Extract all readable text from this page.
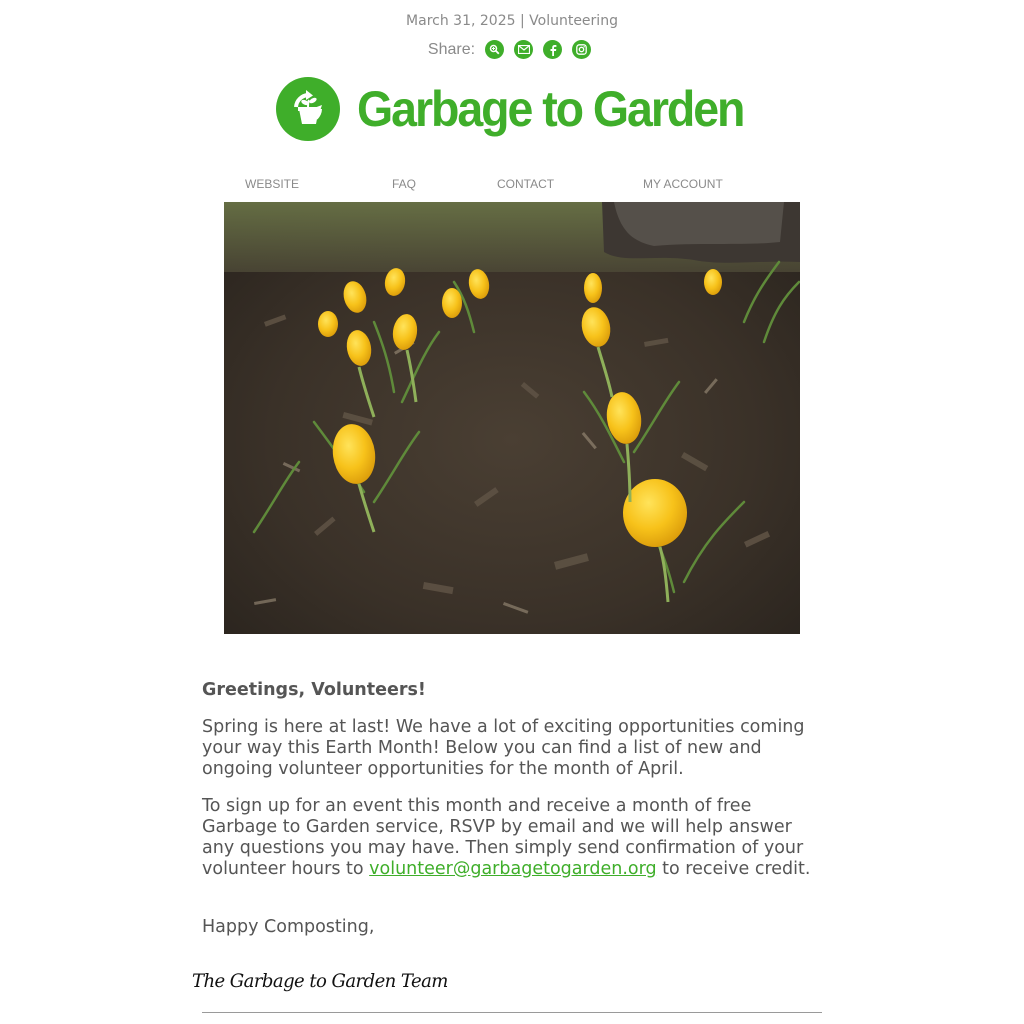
March 31, 2025 | Volunteering
Share:
Garbage to Garden
WEBSITE	FAQ	CONTACT	MY ACCOUNT

Greetings, Volunteers!

Spring is here at last! We have a lot of exciting opportunities coming your way this Earth Month! Below you can find a list of new and ongoing volunteer opportunities for the month of April.

To sign up for an event this month and receive a month of free Garbage to Garden service, RSVP by email and we will help answer any questions you may have. Then simply send confirmation of your volunteer hours to volunteer@garbagetogarden.org to receive credit.

Happy Composting,

The Garbage to Garden Team
